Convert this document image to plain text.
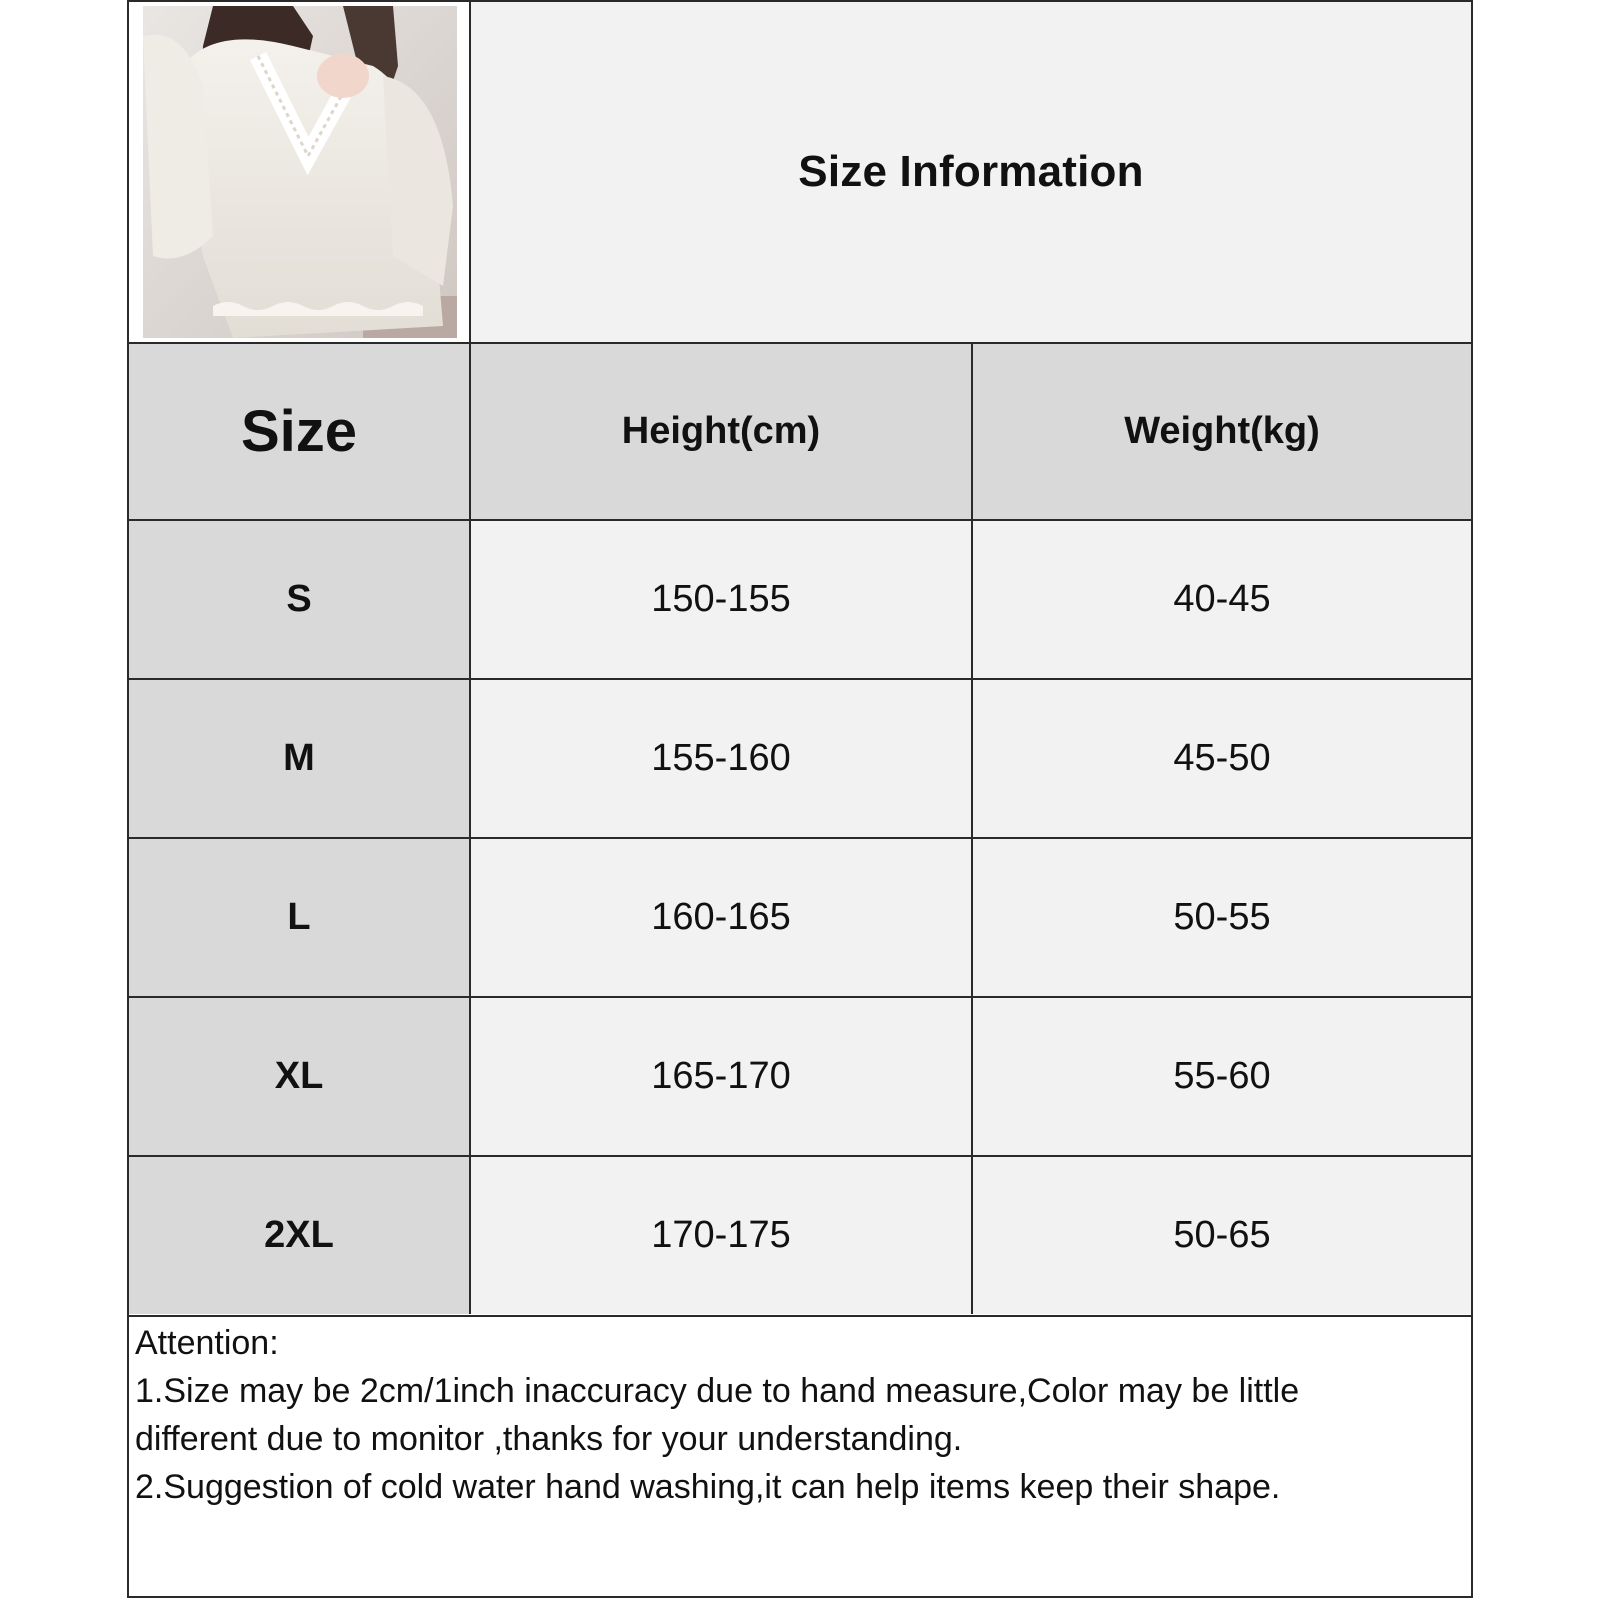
Size Information
Size	Height(cm)	Weight(kg)
S	150-155	40-45
M	155-160	45-50
L	160-165	50-55
XL	165-170	55-60
2XL	170-175	50-65

Attention:

1.Size may be 2cm/1inch inaccuracy due to hand measure,Color may be little

different due to monitor ,thanks for your understanding.

2.Suggestion of cold water hand washing,it can help items keep their shape.
